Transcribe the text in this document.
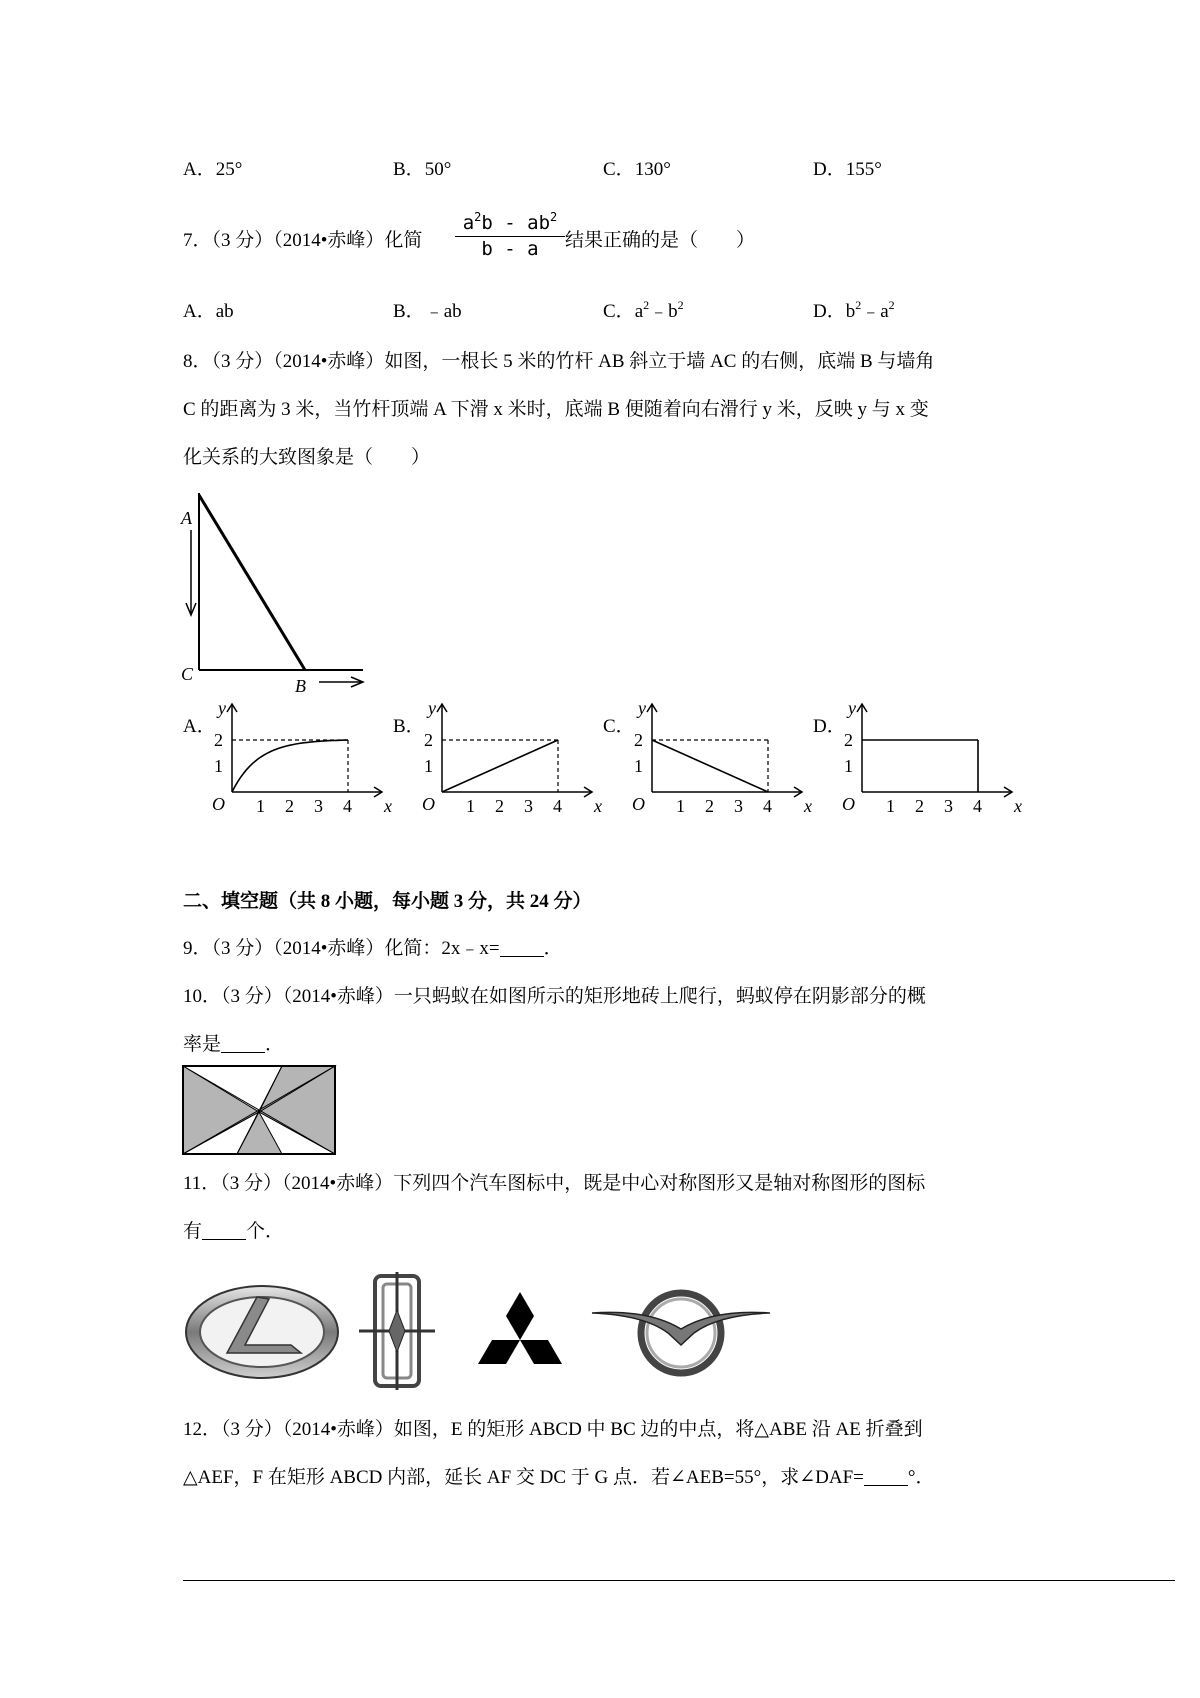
A．25°	B．50°	C．130°	D．155°
7．（3 分）（2014•赤峰）化简 $\frac{a^2b - ab^2}{b - a}$ 结果正确的是（　　）
A．ab	B．﹣ab	C．$a^2﹣b^2$	D．$b^2﹣a^2$
8．（3 分）（2014•赤峰）如图，一根长 5 米的竹杆 AB 斜立于墙 AC 的右侧，底端 B 与墙角
C 的距离为 3 米，当竹杆顶端 A 下滑 x 米时，底端 B 便随着向右滑行 y 米，反映 y 与 x 变
化关系的大致图象是（　　）
A
C
B
A．	B．	C．	D．
y
x
O 1 2 3 4
1
2
y
x
O 1 2 3 4
1
2
y
x
O 1 2 3 4
1
2
y
x
O 1 2 3 4
1
2
二、填空题（共 8 小题，每小题 3 分，共 24 分）
9．（3 分）（2014•赤峰）化简：2x﹣x= ．
10．（3 分）（2014•赤峰）一只蚂蚁在如图所示的矩形地砖上爬行，蚂蚁停在阴影部分的概
率是 ．
11．（3 分）（2014•赤峰）下列四个汽车图标中，既是中心对称图形又是轴对称图形的图标
有 个．
12．（3 分）（2014•赤峰）如图，E 的矩形 ABCD 中 BC 边的中点，将△ABE 沿 AE 折叠到
△AEF，F 在矩形 ABCD 内部，延长 AF 交 DC 于 G 点．若∠AEB=55°，求∠DAF= °．
